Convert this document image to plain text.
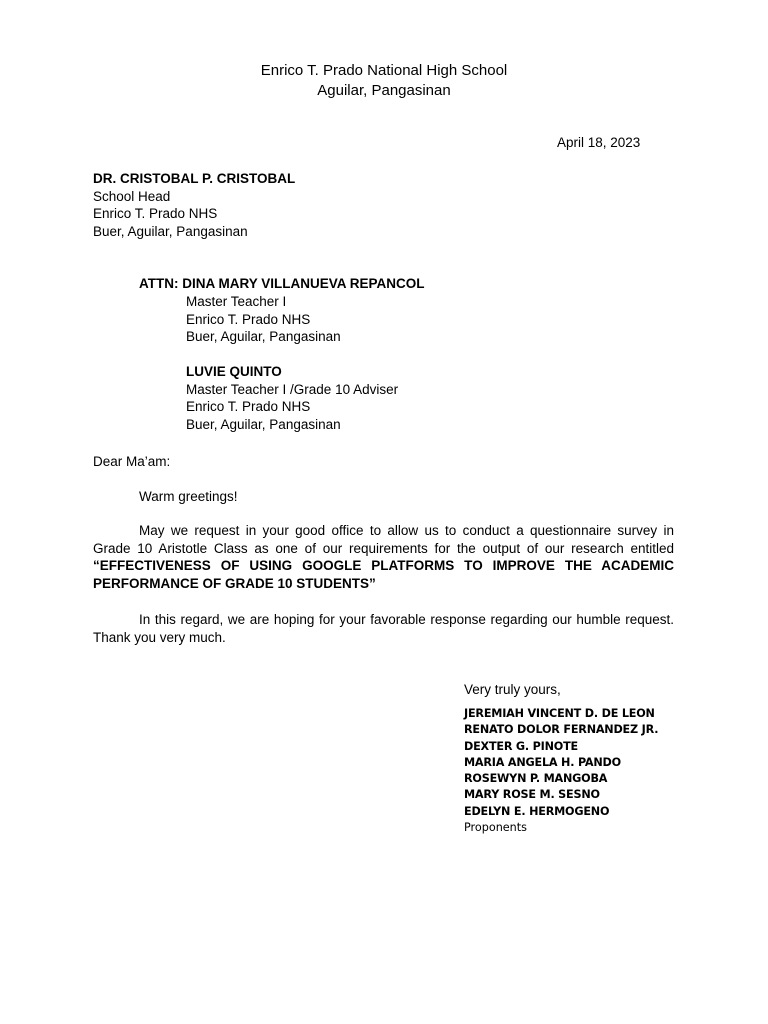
Enrico T. Prado National High School
Aguilar, Pangasinan
April 18, 2023
DR. CRISTOBAL P. CRISTOBAL
School Head
Enrico T. Prado NHS
Buer, Aguilar, Pangasinan
ATTN: DINA MARY VILLANUEVA REPANCOL
Master Teacher I
Enrico T. Prado NHS
Buer, Aguilar, Pangasinan
LUVIE QUINTO
Master Teacher I /Grade 10 Adviser
Enrico T. Prado NHS
Buer, Aguilar, Pangasinan
Dear Ma’am:
Warm greetings!
May we request in your good office to allow us to conduct a questionnaire survey in Grade 10 Aristotle Class as one of our requirements for the output of our research entitled “EFFECTIVENESS OF USING GOOGLE PLATFORMS TO IMPROVE THE ACADEMIC PERFORMANCE OF GRADE 10 STUDENTS”
In this regard, we are hoping for your favorable response regarding our humble request. Thank you very much.
Very truly yours,
JEREMIAH VINCENT D. DE LEON
RENATO DOLOR FERNANDEZ JR.
DEXTER G. PINOTE
MARIA ANGELA H. PANDO
ROSEWYN P. MANGOBA
MARY ROSE M. SESNO
EDELYN E. HERMOGENO
Proponents
